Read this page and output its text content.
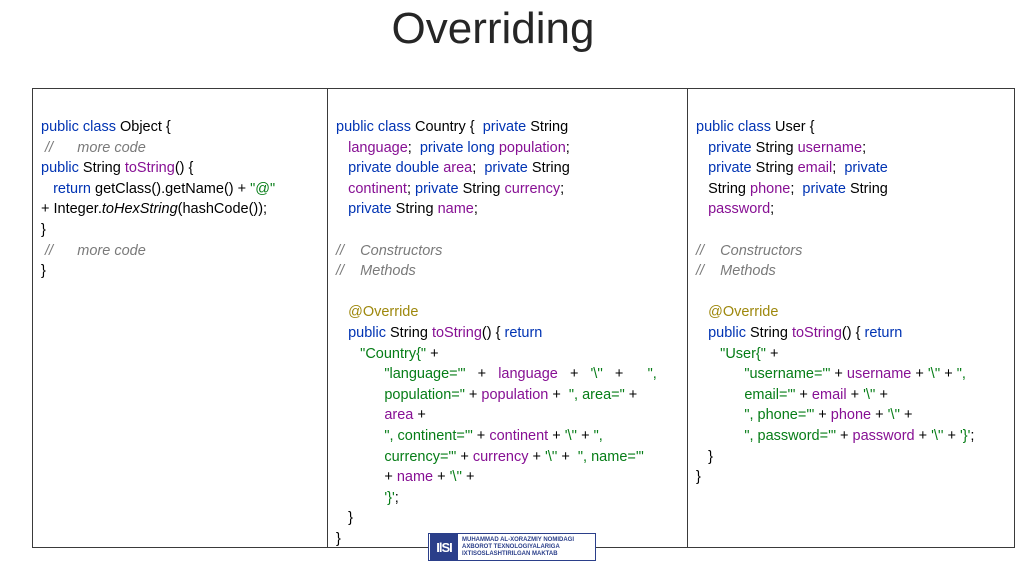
Overriding
public class Object {
//      more code
public String toString() {
return getClass().getName() + "@"
+ Integer.toHexString(hashCode());
}
//      more code
}
public class Country {  private String
language;  private long population;
private double area;  private String
continent; private String currency;
private String name;

//    Constructors
//    Methods

@Override
public String toString() { return
"Country{" +
"language='"   +   language   +   '\''   +      ",
population=" + population +  ", area=" +
area +
", continent='" + continent + '\'' + ",
currency='" + currency + '\'' +  ", name='"
+ name + '\'' +
'}';
}
}
public class User {
private String username;
private String email;  private
String phone;  private String
password;

//    Constructors
//    Methods

@Override
public String toString() { return
"User{" +
"username='" + username + '\'' + ",
email='" + email + '\'' +
", phone='" + phone + '\'' +
", password='" + password + '\'' + '}';
}
}
IlSI	MUHAMMAD AL-XORAZMIY NOMIDAGI
AXBOROT TEXNOLOGIYALARIGA
IXTISOSLASHTIRILGAN MAKTAB
